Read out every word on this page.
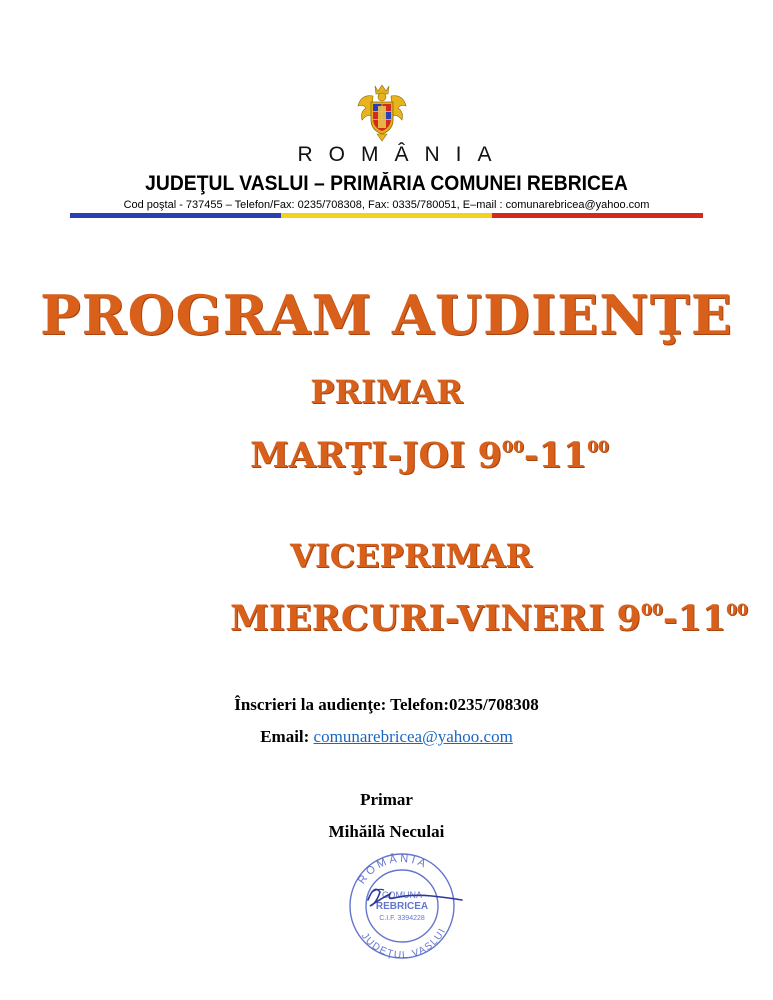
ROMÂNIA
JUDEŢUL VASLUI – PRIMĂRIA COMUNEI REBRICEA
Cod poştal - 737455 – Telefon/Fax: 0235/708308, Fax: 0335/780051, E–mail : comunarebricea@yahoo.com
PROGRAM AUDIENŢE
PRIMAR
MARŢI-JOI $9^{00}-11^{00}$
VICEPRIMAR
MIERCURI-VINERI $9^{00}-11^{00}$
Înscrieri la audienţe: Telefon:0235/708308
Email: comunarebricea@yahoo.com
Primar
Mihăilă Neculai
ROMÂNIA
JUDEŢUL VASLUI
COMUNA
REBRICEA
C.I.F. 3394228
